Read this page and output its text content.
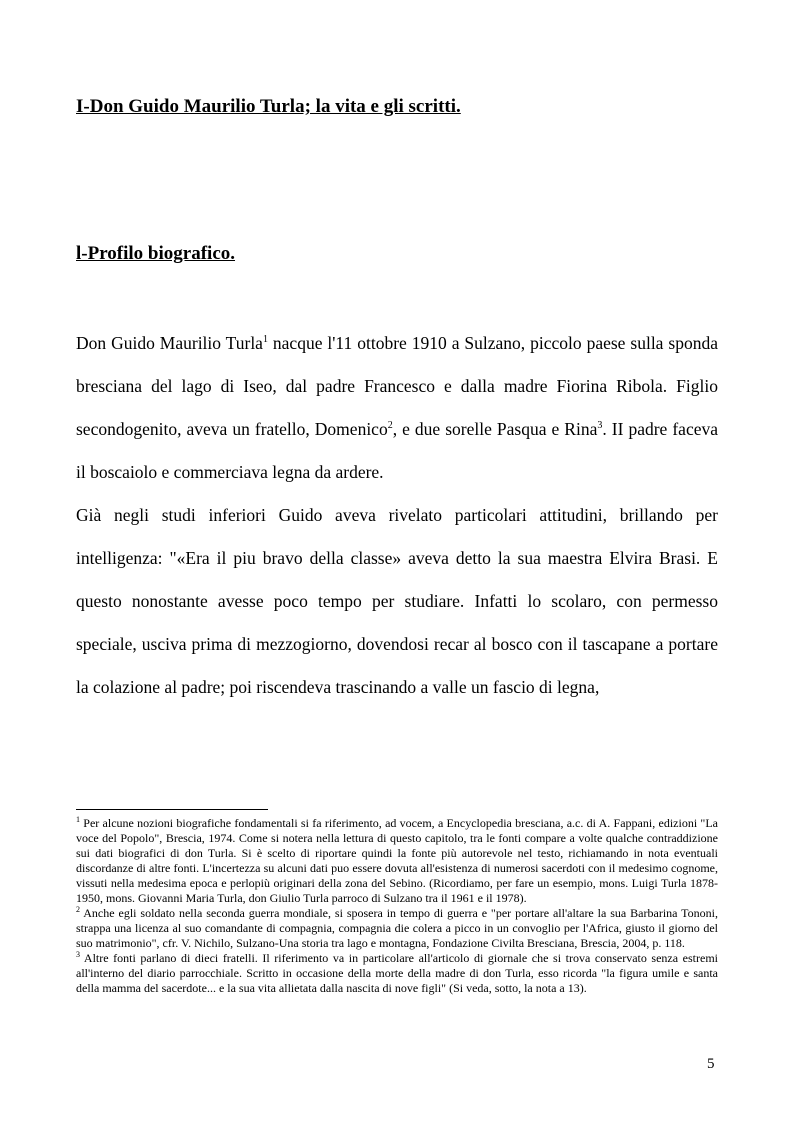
I-Don Guido Maurilio Turla; la vita e gli scritti.
l-Profilo biografico.

Don Guido Maurilio Turla$^1$ nacque l'11 ottobre 1910 a Sulzano, piccolo paese sulla sponda bresciana del lago di Iseo, dal padre Francesco e dalla madre Fiorina Ribola. Figlio secondogenito, aveva un fratello, Domenico$^2$, e due sorelle Pasqua e Rina$^3$. II padre faceva il boscaiolo e commerciava legna da ardere.

Già negli studi inferiori Guido aveva rivelato particolari attitudini, brillando per intelligenza: "«Era il piu bravo della classe» aveva detto la sua maestra Elvira Brasi. E questo nonostante avesse poco tempo per studiare. Infatti lo scolaro, con permesso speciale, usciva prima di mezzogiorno, dovendosi recar al bosco con il tascapane a portare la colazione al padre; poi riscendeva trascinando a valle un fascio di legna,

$^1$ Per alcune nozioni biografiche fondamentali si fa riferimento, ad vocem, a Encyclopedia bresciana, a.c. di A. Fappani, edizioni "La voce del Popolo", Brescia, 1974. Come si notera nella lettura di questo capitolo, tra le fonti compare a volte qualche contraddizione sui dati biografici di don Turla. Si è scelto di riportare quindi la fonte più autorevole nel testo, richiamando in nota eventuali discordanze di altre fonti. L'incertezza su alcuni dati puo essere dovuta all'esistenza di numerosi sacerdoti con il medesimo cognome, vissuti nella medesima epoca e perlopiù originari della zona del Sebino. (Ricordiamo, per fare un esempio, mons. Luigi Turla 1878-1950, mons. Giovanni Maria Turla, don Giulio Turla parroco di Sulzano tra il 1961 e il 1978).

$^2$ Anche egli soldato nella seconda guerra mondiale, si sposera in tempo di guerra e "per portare all'altare la sua Barbarina Tononi, strappa una licenza al suo comandante di compagnia, compagnia die colera a picco in un convoglio per l'Africa, giusto il giorno del suo matrimonio", cfr. V. Nichilo, Sulzano-Una storia tra lago e montagna, Fondazione Civilta Bresciana, Brescia, 2004, p. 118.

$^3$ Altre fonti parlano di dieci fratelli. Il riferimento va in particolare all'articolo di giornale che si trova conservato senza estremi all'interno del diario parrocchiale. Scritto in occasione della morte della madre di don Turla, esso ricorda "la figura umile e santa della mamma del sacerdote... e la sua vita allietata dalla nascita di nove figli" (Si veda, sotto, la nota a 13).

5
